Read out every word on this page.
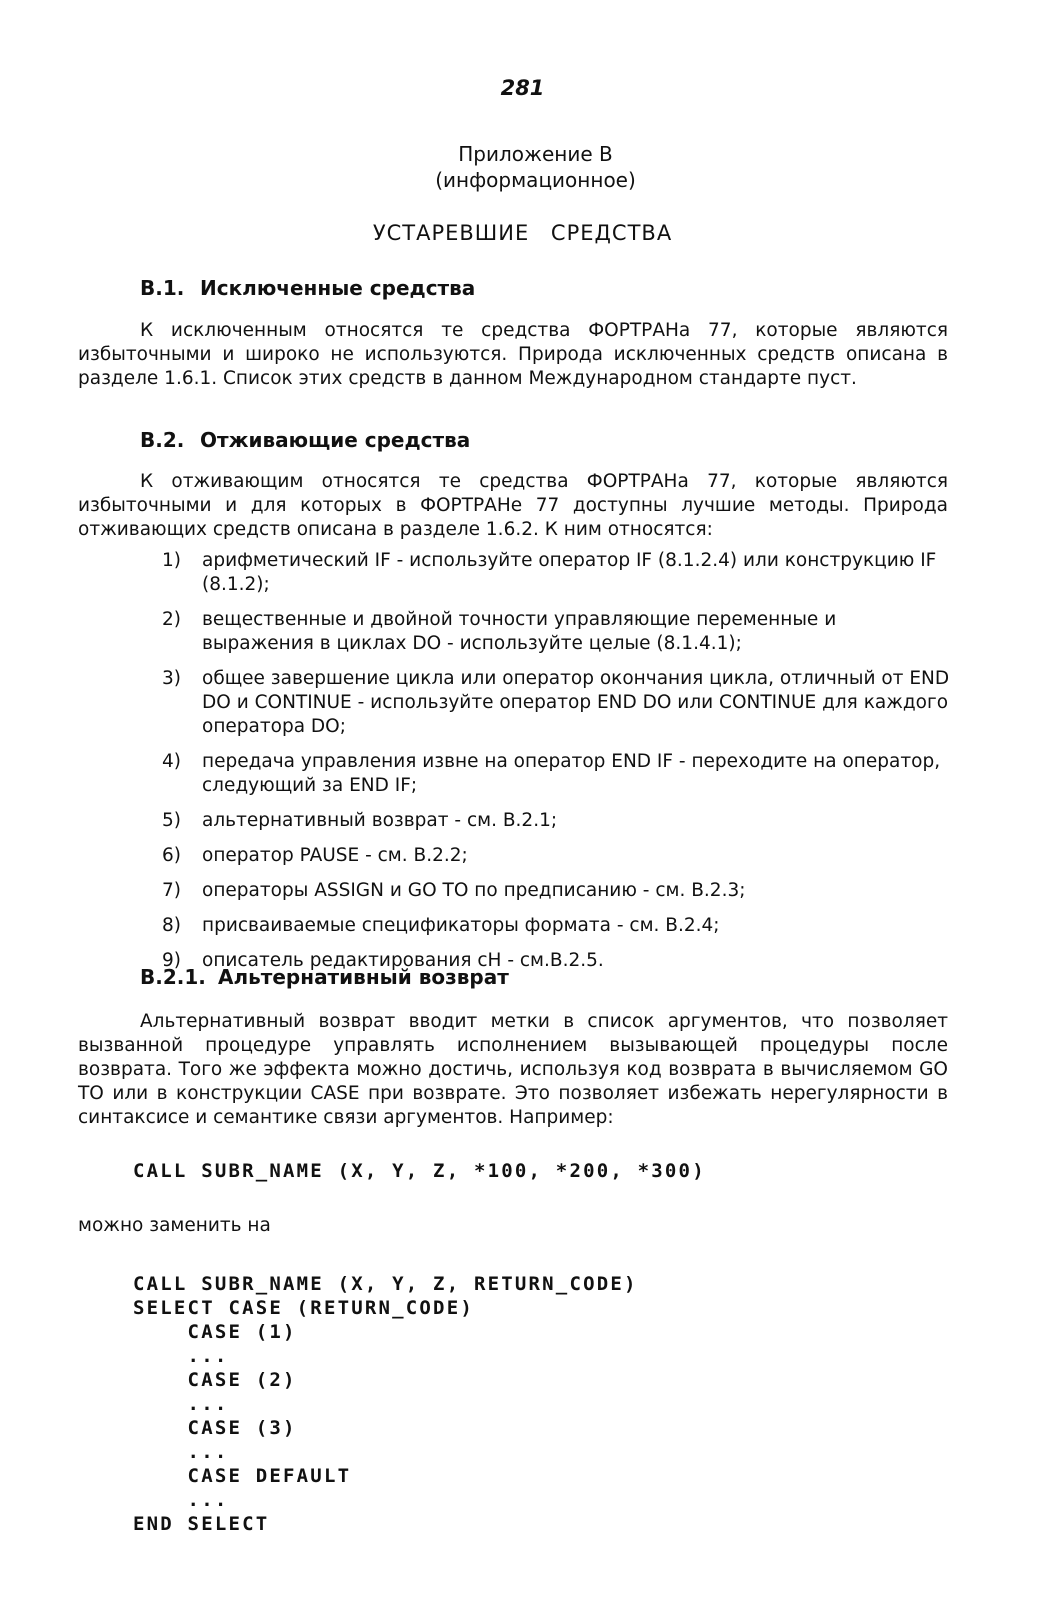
281
Приложение В
(информационное)
УСТАРЕВШИЕ СРЕДСТВА
В.1. Исключенные средства

К исключенным относятся те средства ФОРТРАНа 77, которые являются избыточными и широко не используются. Природа исключенных средств описана в разделе 1.6.1. Список этих средств в данном Международном стандарте пуст.

В.2. Отживающие средства

К отживающим относятся те средства ФОРТРАНа 77, которые являются избыточными и для которых в ФОРТРАНе 77 доступны лучшие методы. Природа отживающих средств описана в разделе 1.6.2. К ним относятся:

1) арифметический IF - используйте оператор IF (8.1.2.4) или конструкцию IF (8.1.2);
2) вещественные и двойной точности управляющие переменные и выражения в циклах DO - используйте целые (8.1.4.1);
3) общее завершение цикла или оператор окончания цикла, отличный от END DO и CONTINUE - используйте оператор END DO или CONTINUE для каждого оператора DO;
4) передача управления извне на оператор END IF - переходите на оператор, следующий за END IF;
5) альтернативный возврат - см. В.2.1;
6) оператор PAUSE - см. В.2.2;
7) операторы ASSIGN и GO TO по предписанию - см. В.2.3;
8) присваиваемые спецификаторы формата - см. В.2.4;
9) описатель редактирования cH - см.В.2.5.
В.2.1. Альтернативный возврат

Альтернативный возврат вводит метки в список аргументов, что позволяет вызванной процедуре управлять исполнением вызывающей процедуры после возврата. Того же эффекта можно достичь, используя код возврата в вычисляемом GO TO или в конструкции CASE при возврате. Это позволяет избежать нерегулярности в синтаксисе и семантике связи аргументов. Например:

CALL SUBR_NAME (X, Y, Z, *100, *200, *300)
можно заменить на
CALL SUBR_NAME (X, Y, Z, RETURN_CODE)
SELECT CASE (RETURN_CODE)
CASE (1)
...
CASE (2)
...
CASE (3)
...
CASE DEFAULT
...
END SELECT
